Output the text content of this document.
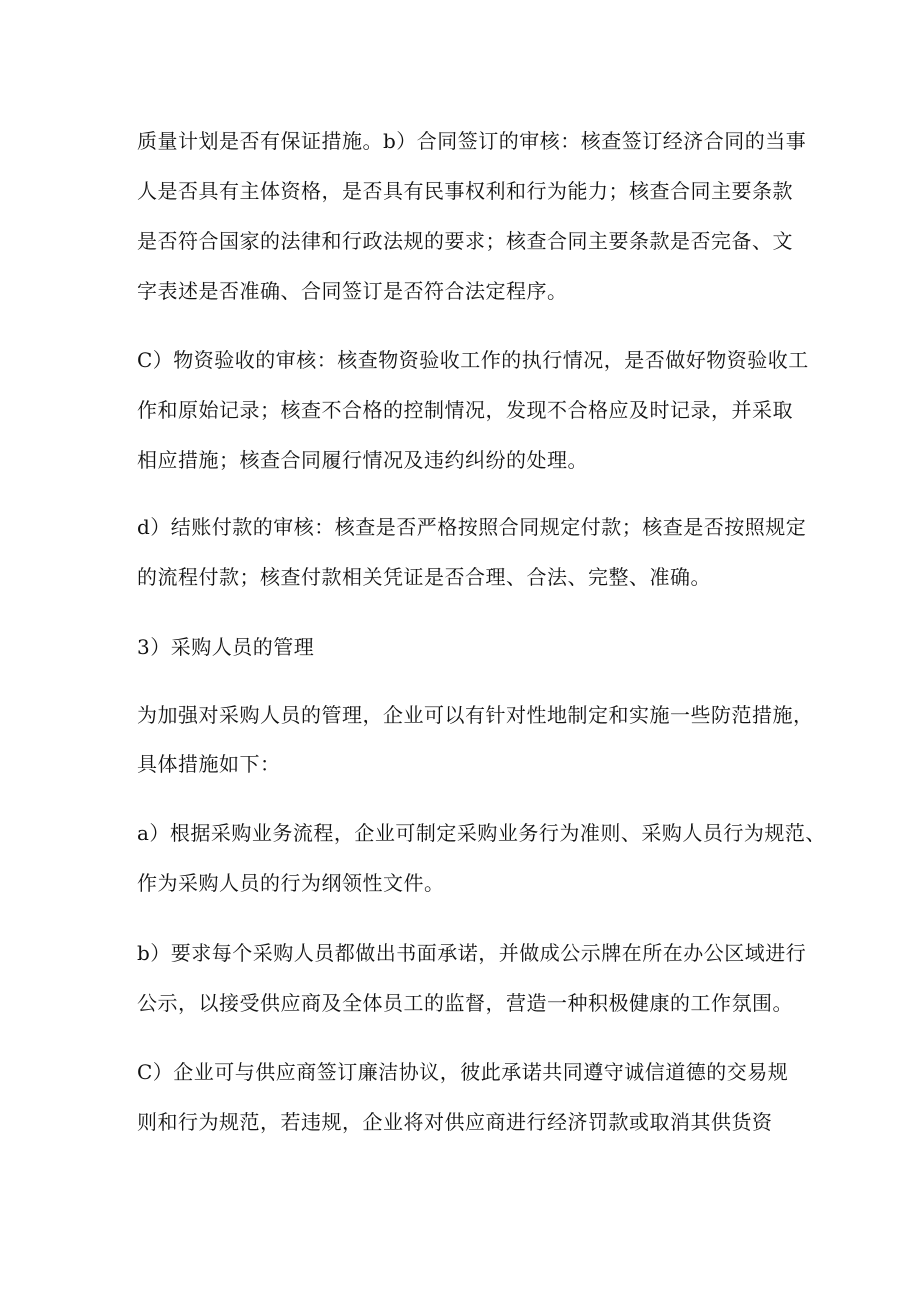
质量计划是否有保证措施。b）合同签订的审核：核查签订经济合同的当事
人是否具有主体资格，是否具有民事权利和行为能力；核查合同主要条款
是否符合国家的法律和行政法规的要求；核查合同主要条款是否完备、文
字表述是否准确、合同签订是否符合法定程序。
C）物资验收的审核：核查物资验收工作的执行情况，是否做好物资验收工
作和原始记录；核查不合格的控制情况，发现不合格应及时记录，并采取
相应措施；核查合同履行情况及违约纠纷的处理。
d）结账付款的审核：核查是否严格按照合同规定付款；核查是否按照规定
的流程付款；核查付款相关凭证是否合理、合法、完整、准确。
3）采购人员的管理
为加强对采购人员的管理，企业可以有针对性地制定和实施一些防范措施，
具体措施如下：
a）根据采购业务流程，企业可制定采购业务行为准则、采购人员行为规范、
作为采购人员的行为纲领性文件。
b）要求每个采购人员都做出书面承诺，并做成公示牌在所在办公区域进行
公示，以接受供应商及全体员工的监督，营造一种积极健康的工作氛围。
C）企业可与供应商签订廉洁协议，彼此承诺共同遵守诚信道德的交易规
则和行为规范，若违规，企业将对供应商进行经济罚款或取消其供货资
